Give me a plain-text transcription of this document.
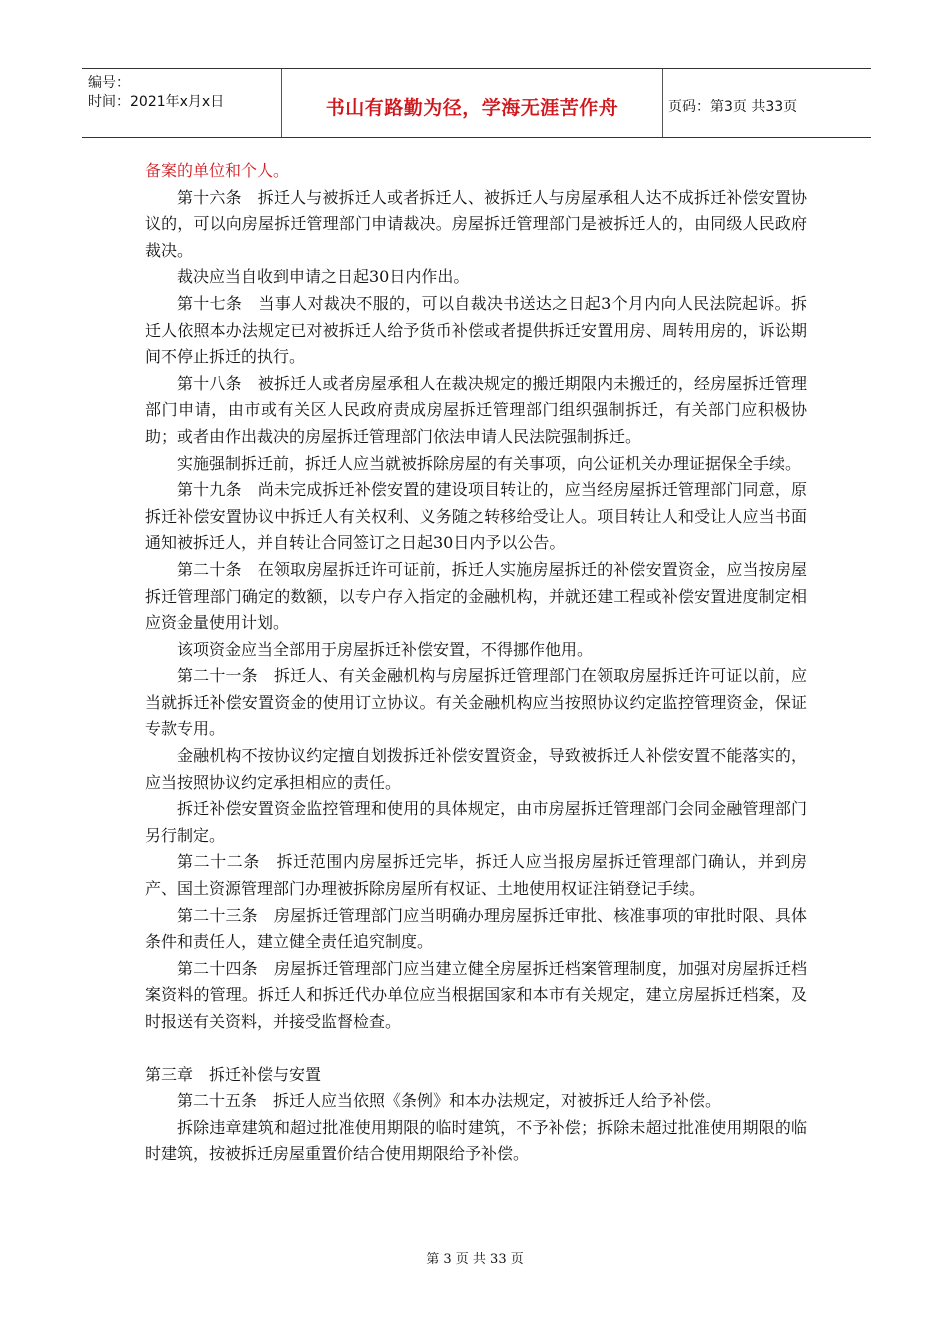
编号：
时间：2021年x月x日	书山有路勤为径，学海无涯苦作舟	页码：第3页 共33页

备案的单位和个人。

第十六条　拆迁人与被拆迁人或者拆迁人、被拆迁人与房屋承租人达不成拆迁补偿安置协议的，可以向房屋拆迁管理部门申请裁决。房屋拆迁管理部门是被拆迁人的，由同级人民政府裁决。

裁决应当自收到申请之日起30日内作出。

第十七条　当事人对裁决不服的，可以自裁决书送达之日起3个月内向人民法院起诉。拆迁人依照本办法规定已对被拆迁人给予货币补偿或者提供拆迁安置用房、周转用房的，诉讼期间不停止拆迁的执行。

第十八条　被拆迁人或者房屋承租人在裁决规定的搬迁期限内未搬迁的，经房屋拆迁管理部门申请，由市或有关区人民政府责成房屋拆迁管理部门组织强制拆迁，有关部门应积极协助；或者由作出裁决的房屋拆迁管理部门依法申请人民法院强制拆迁。

实施强制拆迁前，拆迁人应当就被拆除房屋的有关事项，向公证机关办理证据保全手续。

第十九条　尚未完成拆迁补偿安置的建设项目转让的，应当经房屋拆迁管理部门同意，原拆迁补偿安置协议中拆迁人有关权利、义务随之转移给受让人。项目转让人和受让人应当书面通知被拆迁人，并自转让合同签订之日起30日内予以公告。

第二十条　在领取房屋拆迁许可证前，拆迁人实施房屋拆迁的补偿安置资金，应当按房屋拆迁管理部门确定的数额，以专户存入指定的金融机构，并就还建工程或补偿安置进度制定相应资金量使用计划。

该项资金应当全部用于房屋拆迁补偿安置，不得挪作他用。

第二十一条　拆迁人、有关金融机构与房屋拆迁管理部门在领取房屋拆迁许可证以前，应当就拆迁补偿安置资金的使用订立协议。有关金融机构应当按照协议约定监控管理资金，保证专款专用。

金融机构不按协议约定擅自划拨拆迁补偿安置资金，导致被拆迁人补偿安置不能落实的，应当按照协议约定承担相应的责任。

拆迁补偿安置资金监控管理和使用的具体规定，由市房屋拆迁管理部门会同金融管理部门另行制定。

第二十二条　拆迁范围内房屋拆迁完毕，拆迁人应当报房屋拆迁管理部门确认，并到房产、国土资源管理部门办理被拆除房屋所有权证、土地使用权证注销登记手续。

第二十三条　房屋拆迁管理部门应当明确办理房屋拆迁审批、核准事项的审批时限、具体条件和责任人，建立健全责任追究制度。

第二十四条　房屋拆迁管理部门应当建立健全房屋拆迁档案管理制度，加强对房屋拆迁档案资料的管理。拆迁人和拆迁代办单位应当根据国家和本市有关规定，建立房屋拆迁档案，及时报送有关资料，并接受监督检查。

第三章　拆迁补偿与安置

第二十五条　拆迁人应当依照《条例》和本办法规定，对被拆迁人给予补偿。

拆除违章建筑和超过批准使用期限的临时建筑，不予补偿；拆除未超过批准使用期限的临时建筑，按被拆迁房屋重置价结合使用期限给予补偿。

第 3 页 共 33 页
